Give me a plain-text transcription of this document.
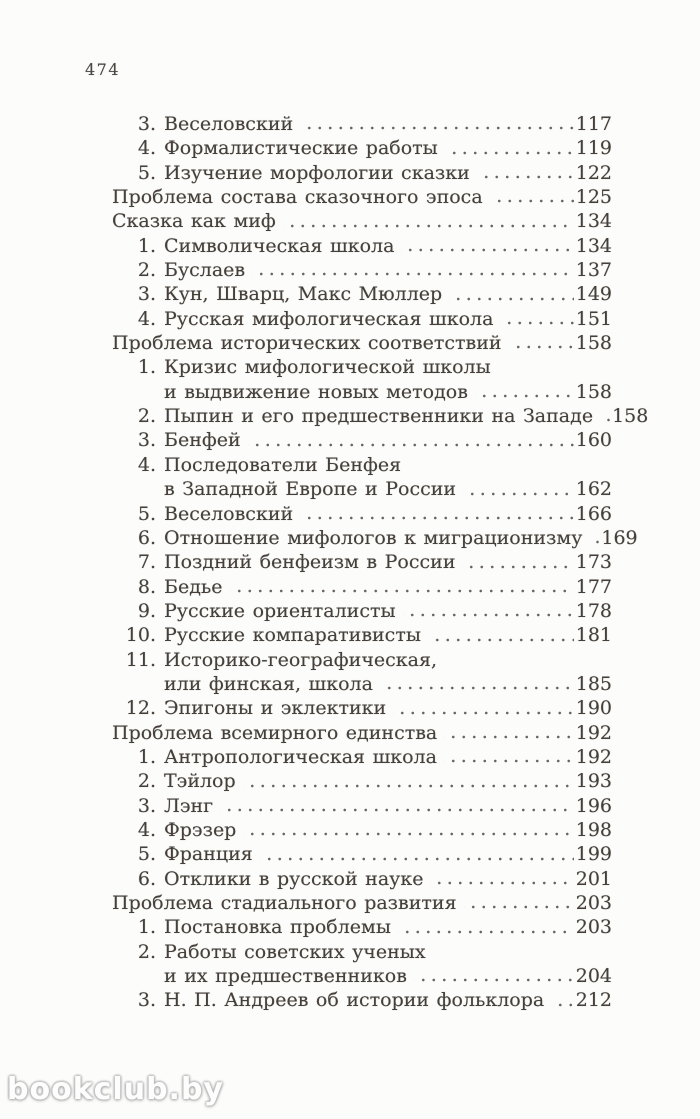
474
3. Веселовский	117
4. Формалистические работы	119
5. Изучение морфологии сказки	122
Проблема состава сказочного эпоса	125
Сказка как миф	134
1. Символическая школа	134
2. Буслаев	137
3. Кун, Шварц, Макс Мюллер	149
4. Русская мифологическая школа	151
Проблема исторических соответствий	158
1. Кризис мифологической школы
и выдвижение новых методов	158
2. Пыпин и его предшественники на Западе 158
3. Бенфей	160
4. Последователи Бенфея
в Западной Европе и России	162
5. Веселовский	166
6. Отношение мифологов к миграционизму 169
7. Поздний бенфеизм в России	173
8. Бедье	177
9. Русские ориенталисты	178
10. Русские компаративисты	181
11. Историко-географическая,
или финская, школа	185
12. Эпигоны и эклектики	190
Проблема всемирного единства	192
1. Антропологическая школа	192
2. Тэйлор	193
3. Лэнг	196
4. Фрэзер	198
5. Франция	199
6. Отклики в русской науке	201
Проблема стадиального развития	203
1. Постановка проблемы	203
2. Работы советских ученых
и их предшественников	204
3. Н. П. Андреев об истории фольклора 212
bookclub.by
